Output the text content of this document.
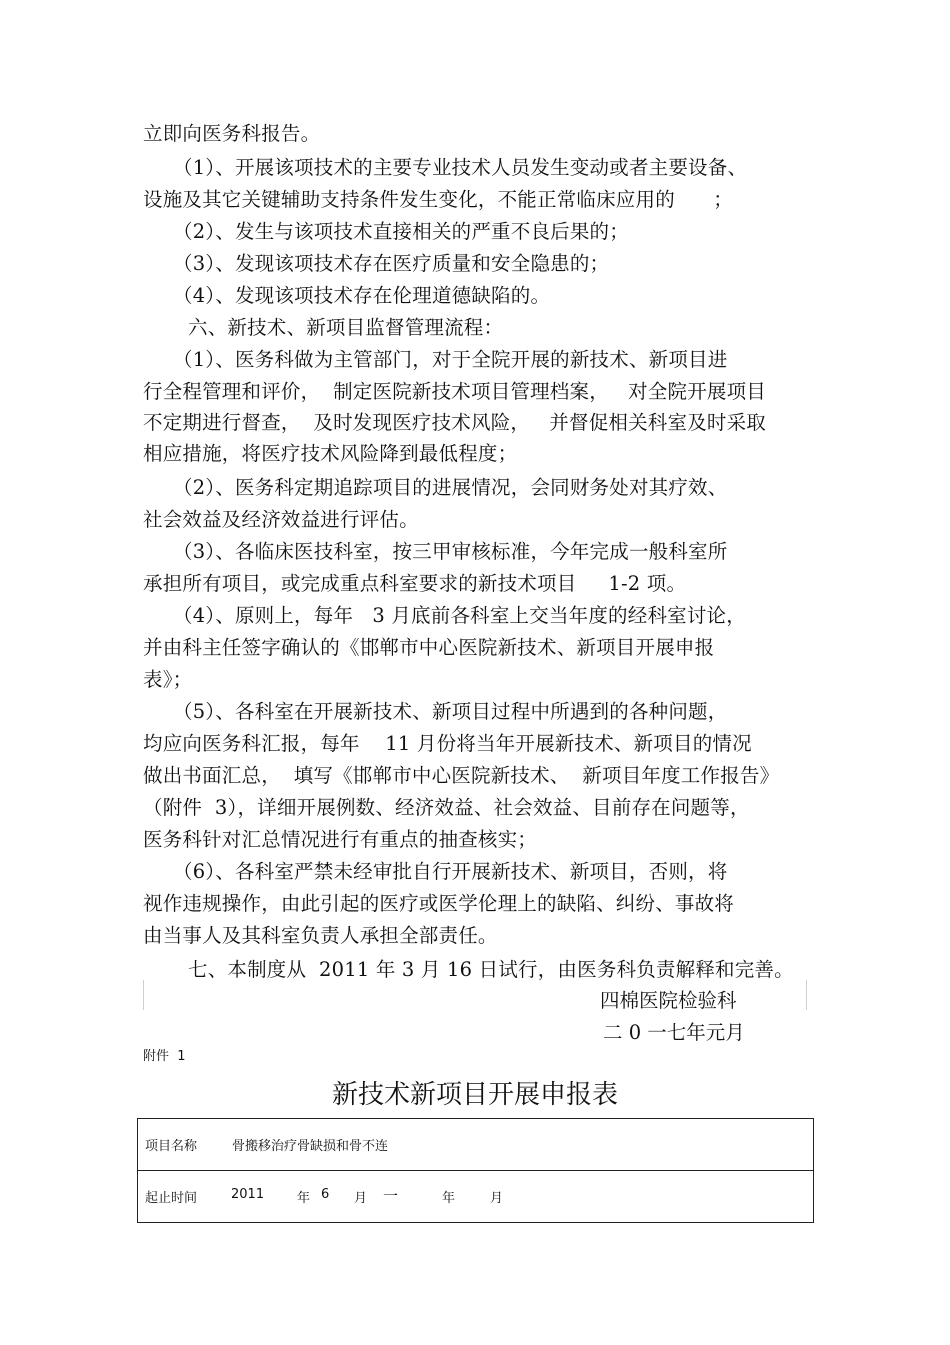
立即向医务科报告。
（1）、开展该项技术的主要专业技术人员发生变动或者主要设备、
设施及其它关键辅助支持条件发生变化，不能正常临床应用的      ；
（2）、发生与该项技术直接相关的严重不良后果的；
（3）、发现该项技术存在医疗质量和安全隐患的；
（4）、发现该项技术存在伦理道德缺陷的。
六、新技术、新项目监督管理流程：
（1）、医务科做为主管部门，对于全院开展的新技术、新项目进
行全程管理和评价，  制定医院新技术项目管理档案，   对全院开展项目
不定期进行督查，  及时发现医疗技术风险，   并督促相关科室及时采取
相应措施，将医疗技术风险降到最低程度；
（2）、医务科定期追踪项目的进展情况，会同财务处对其疗效、
社会效益及经济效益进行评估。
（3）、各临床医技科室，按三甲审核标准，今年完成一般科室所
承担所有项目，或完成重点科室要求的新技术项目     1-2 项。
（4）、原则上，每年   3 月底前各科室上交当年度的经科室讨论，
并由科主任签字确认的《邯郸市中心医院新技术、新项目开展申报
表》；
（5）、各科室在开展新技术、新项目过程中所遇到的各种问题，
均应向医务科汇报，每年    11 月份将当年开展新技术、新项目的情况
做出书面汇总，  填写《邯郸市中心医院新技术、  新项目年度工作报告》
（附件  3），详细开展例数、经济效益、社会效益、目前存在问题等，
医务科针对汇总情况进行有重点的抽查核实；
（6）、各科室严禁未经审批自行开展新技术、新项目，否则，将
视作违规操作，由此引起的医疗或医学伦理上的缺陷、纠纷、事故将
由当事人及其科室负责人承担全部责任。
七、本制度从  2011 年 3 月 16 日试行，由医务科负责解释和完善。
四棉医院检验科
二 0 一七年元月
附件  1
新技术新项目开展申报表
项目名称	骨搬移治疗骨缺损和骨不连

起止时间	2011	年 6 月 一	年	月
